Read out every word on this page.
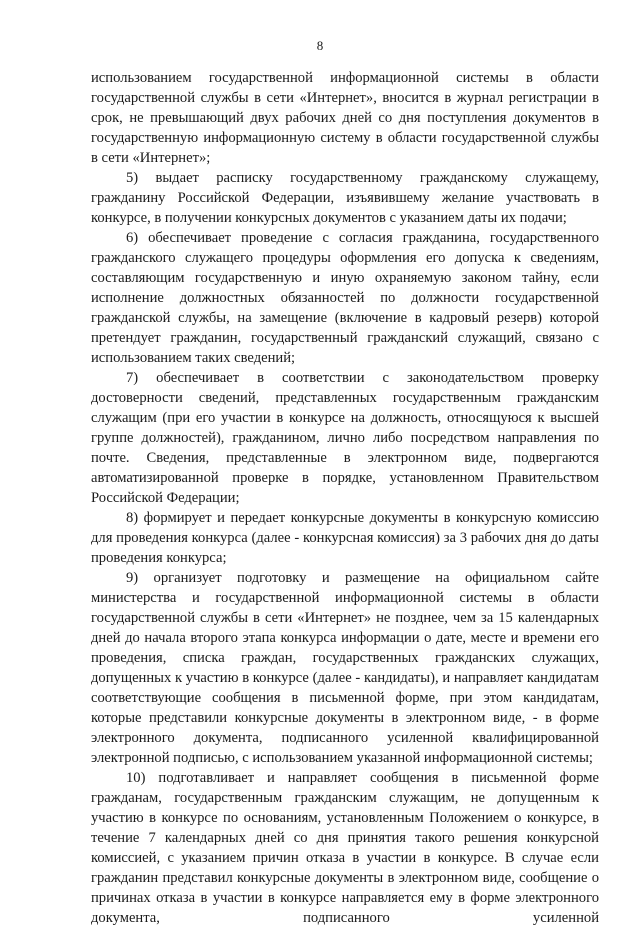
8

использованием государственной информационной системы в области государственной службы в сети «Интернет», вносится в журнал регистрации в срок, не превышающий двух рабочих дней со дня поступления документов в государственную информационную систему в области государственной службы в сети «Интернет»;

5) выдает расписку государственному гражданскому служащему, гражданину Российской Федерации, изъявившему желание участвовать в конкурсе, в получении конкурсных документов с указанием даты их подачи;

6) обеспечивает проведение с согласия гражданина, государственного гражданского служащего процедуры оформления его допуска к сведениям, составляющим государственную и иную охраняемую законом тайну, если исполнение должностных обязанностей по должности государственной гражданской службы, на замещение (включение в кадровый резерв) которой претендует гражданин, государственный гражданский служащий, связано с использованием таких сведений;

7) обеспечивает в соответствии с законодательством проверку достоверности сведений, представленных государственным гражданским служащим (при его участии в конкурсе на должность, относящуюся к высшей группе должностей), гражданином, лично либо посредством направления по почте. Сведения, представленные в электронном виде, подвергаются автоматизированной проверке в порядке, установленном Правительством Российской Федерации;

8) формирует и передает конкурсные документы в конкурсную комиссию для проведения конкурса (далее - конкурсная комиссия) за 3 рабочих дня до даты проведения конкурса;

9) организует подготовку и размещение на официальном сайте министерства и государственной информационной системы в области государственной службы в сети «Интернет» не позднее, чем за 15 календарных дней до начала второго этапа конкурса информации о дате, месте и времени его проведения, списка граждан, государственных гражданских служащих, допущенных к участию в конкурсе (далее - кандидаты), и направляет кандидатам соответствующие сообщения в письменной форме, при этом кандидатам, которые представили конкурсные документы в электронном виде, - в форме электронного документа, подписанного усиленной квалифицированной электронной подписью, с использованием указанной информационной системы;

10) подготавливает и направляет сообщения в письменной форме гражданам, государственным гражданским служащим, не допущенным к участию в конкурсе по основаниям, установленным Положением о конкурсе, в течение 7 календарных дней со дня принятия такого решения конкурсной комиссией, с указанием причин отказа в участии в конкурсе. В случае если гражданин представил конкурсные документы в электронном виде, сообщение о причинах отказа в участии в конкурсе направляется ему в форме электронного документа, подписанного усиленной
